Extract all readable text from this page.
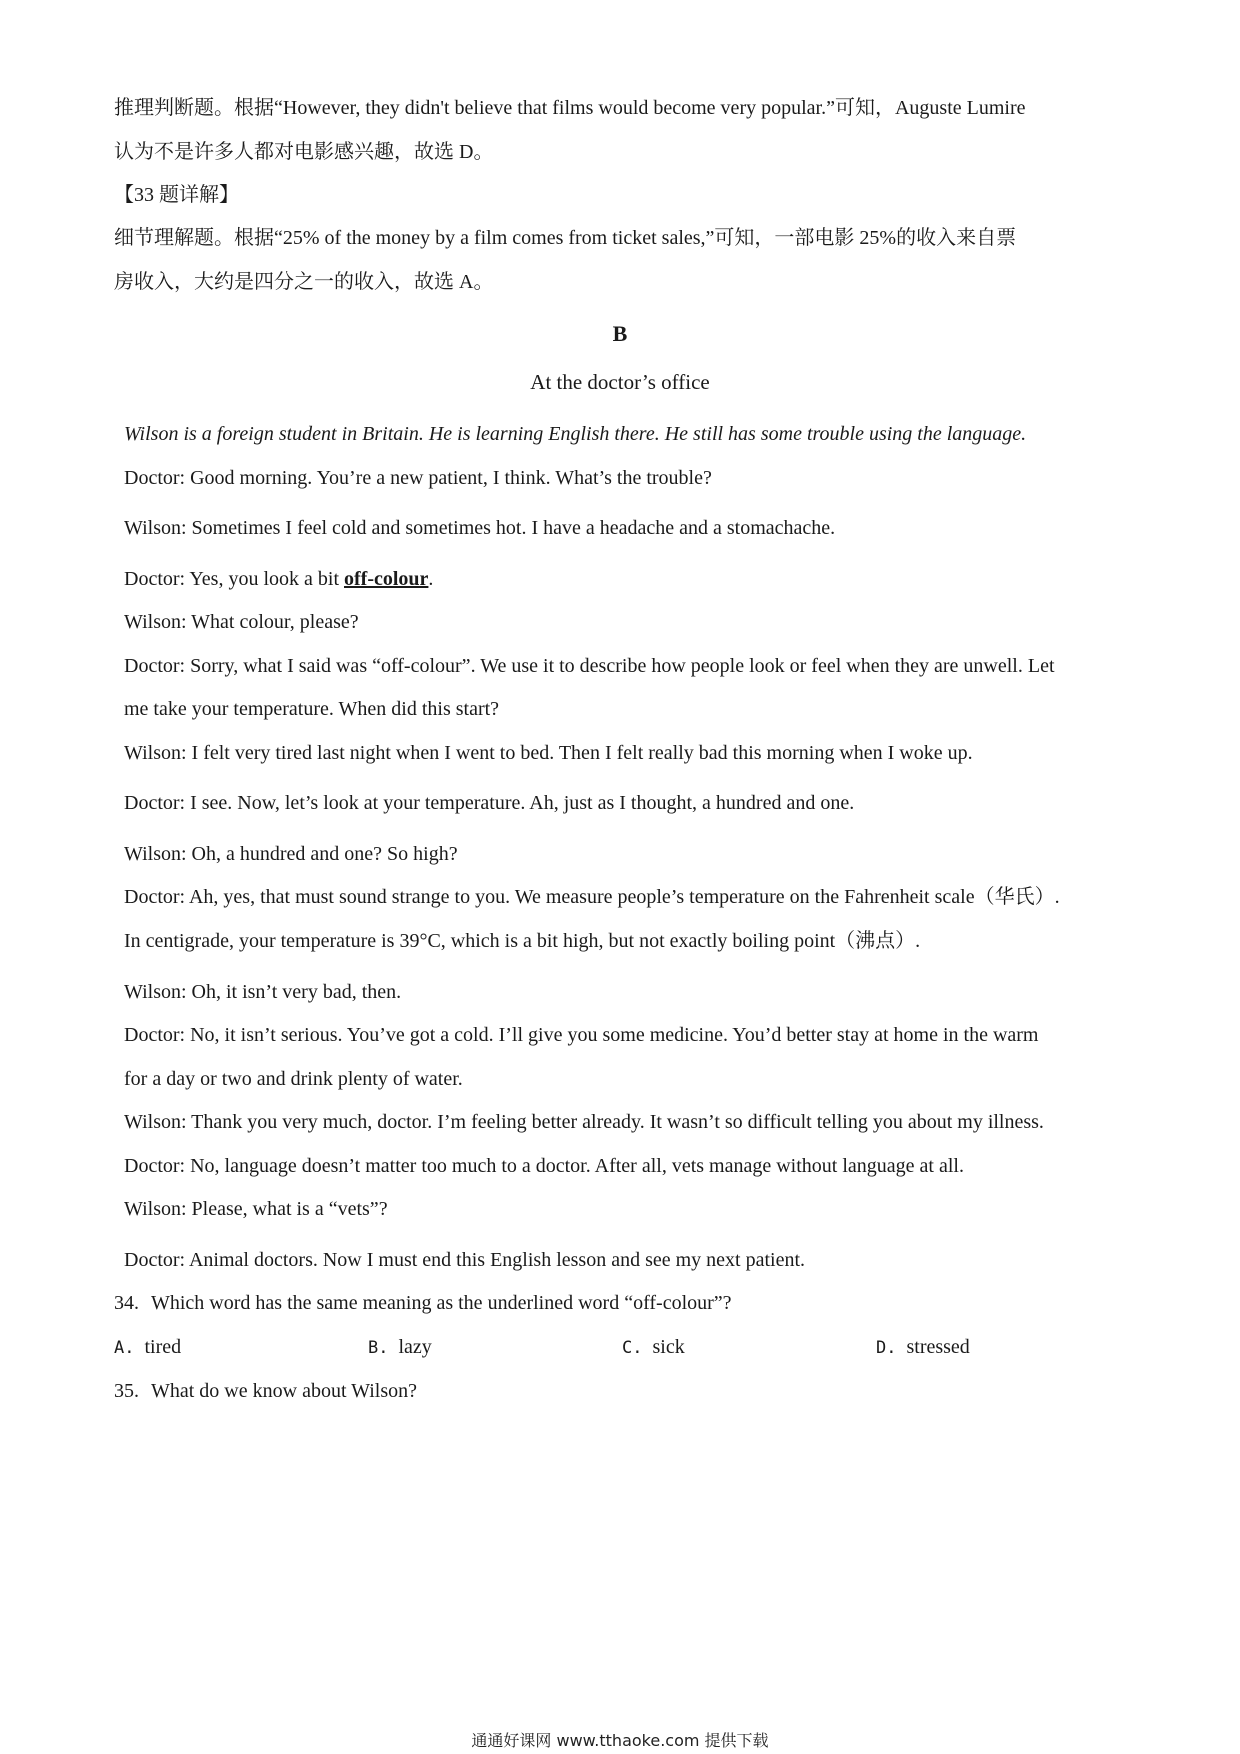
推理判断题。根据“However, they didn't believe that films would become very popular.”可知，Auguste Lumire
认为不是许多人都对电影感兴趣，故选 D。
【33 题详解】
细节理解题。根据“25% of the money by a film comes from ticket sales,”可知，一部电影 25%的收入来自票
房收入，大约是四分之一的收入，故选 A。
B
At the doctor’s office
Wilson is a foreign student in Britain. He is learning English there. He still has some trouble using the language.
Doctor: Good morning. You’re a new patient, I think. What’s the trouble?
Wilson: Sometimes I feel cold and sometimes hot. I have a headache and a stomachache.
Doctor: Yes, you look a bit off-colour.
Wilson: What colour, please?
Doctor: Sorry, what I said was “off-colour”. We use it to describe how people look or feel when they are unwell. Let
me take your temperature. When did this start?
Wilson: I felt very tired last night when I went to bed. Then I felt really bad this morning when I woke up.
Doctor: I see. Now, let’s look at your temperature. Ah, just as I thought, a hundred and one.
Wilson: Oh, a hundred and one? So high?
Doctor: Ah, yes, that must sound strange to you. We measure people’s temperature on the Fahrenheit scale（华氏）.
In centigrade, your temperature is 39°C, which is a bit high, but not exactly boiling point（沸点）.
Wilson: Oh, it isn’t very bad, then.
Doctor: No, it isn’t serious. You’ve got a cold. I’ll give you some medicine. You’d better stay at home in the warm
for a day or two and drink plenty of water.
Wilson: Thank you very much, doctor. I’m feeling better already. It wasn’t so difficult telling you about my illness.
Doctor: No, language doesn’t matter too much to a doctor. After all, vets manage without language at all.
Wilson: Please, what is a “vets”?
Doctor: Animal doctors. Now I must end this English lesson and see my next patient.
34. Which word has the same meaning as the underlined word “off-colour”?
A. tired	B. lazy	C. sick	D. stressed
35. What do we know about Wilson?
通通好课网 www.tthaoke.com 提供下载
